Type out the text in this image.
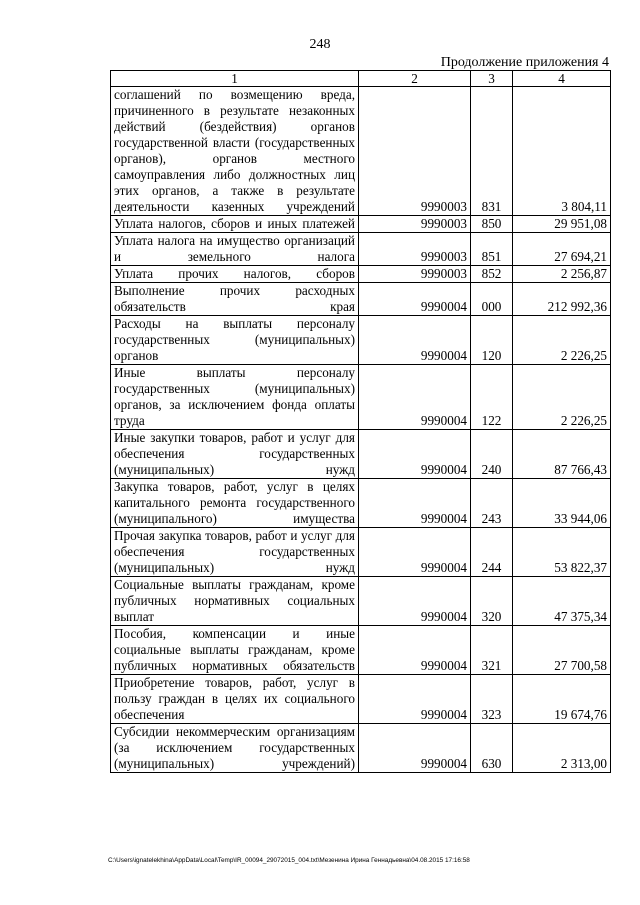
248
Продолжение приложения 4
1	2	3	4
соглашений по возмещению вреда, причиненного в результате незаконных действий (бездействия) органов государственной власти (государственных органов), органов местного самоуправления либо должностных лиц этих органов, а также в результате деятельности казенных учреждений	9990003	831	3 804,11
Уплата налогов, сборов и иных платежей	9990003	850	29 951,08
Уплата налога на имущество организаций и земельного налога	9990003	851	27 694,21
Уплата прочих налогов, сборов	9990003	852	2 256,87
Выполнение прочих расходных обязательств края	9990004	000	212 992,36
Расходы на выплаты персоналу государственных (муниципальных) органов	9990004	120	2 226,25
Иные выплаты персоналу государственных (муниципальных) органов, за исключением фонда оплаты труда	9990004	122	2 226,25
Иные закупки товаров, работ и услуг для обеспечения государственных (муниципальных) нужд	9990004	240	87 766,43
Закупка товаров, работ, услуг в целях капитального ремонта государственного (муниципального) имущества	9990004	243	33 944,06
Прочая закупка товаров, работ и услуг для обеспечения государственных (муниципальных) нужд	9990004	244	53 822,37
Социальные выплаты гражданам, кроме публичных нормативных социальных выплат	9990004	320	47 375,34
Пособия, компенсации и иные социальные выплаты гражданам, кроме публичных нормативных обязательств	9990004	321	27 700,58
Приобретение товаров, работ, услуг в пользу граждан в целях их социального обеспечения	9990004	323	19 674,76
Субсидии некоммерческим организациям (за исключением государственных (муниципальных) учреждений)	9990004	630	2 313,00
C:\Users\ignatelekhina\AppData\Local\Temp\IR_00094_29072015_004.txt\Мезенина Ирина Геннадьевна\04.08.2015 17:16:58
